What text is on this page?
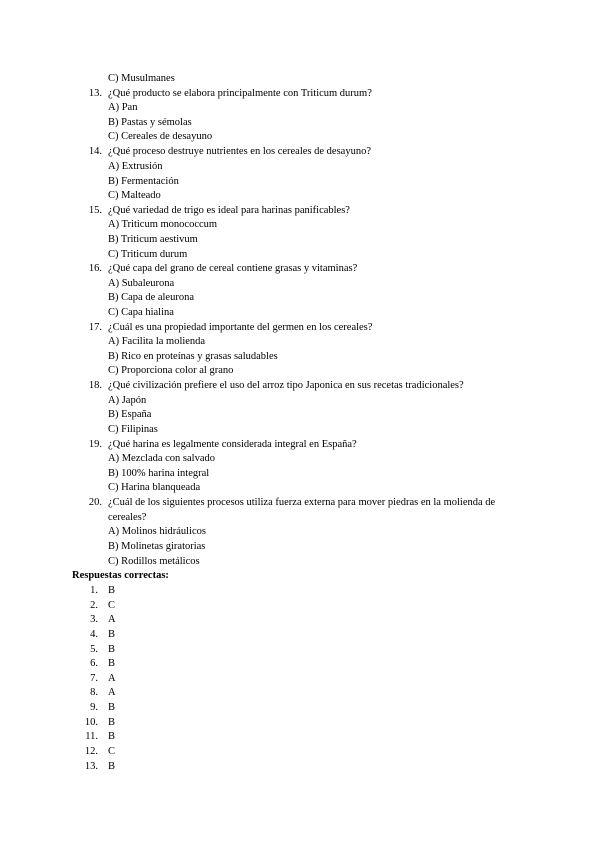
C) Musulmanes
13. ¿Qué producto se elabora principalmente con Triticum durum?
A) Pan
B) Pastas y sémolas
C) Cereales de desayuno
14. ¿Qué proceso destruye nutrientes en los cereales de desayuno?
A) Extrusión
B) Fermentación
C) Malteado
15. ¿Qué variedad de trigo es ideal para harinas panificables?
A) Triticum monococcum
B) Triticum aestivum
C) Triticum durum
16. ¿Qué capa del grano de cereal contiene grasas y vitaminas?
A) Subaleurona
B) Capa de aleurona
C) Capa hialina
17. ¿Cuál es una propiedad importante del germen en los cereales?
A) Facilita la molienda
B) Rico en proteínas y grasas saludables
C) Proporciona color al grano
18. ¿Qué civilización prefiere el uso del arroz tipo Japonica en sus recetas tradicionales?
A) Japón
B) España
C) Filipinas
19. ¿Qué harina es legalmente considerada integral en España?
A) Mezclada con salvado
B) 100% harina integral
C) Harina blanqueada
20. ¿Cuál de los siguientes procesos utiliza fuerza externa para mover piedras en la molienda de
cereales?
A) Molinos hidráulicos
B) Molinetas giratorias
C) Rodillos metálicos
Respuestas correctas:
1. B
2. C
3. A
4. B
5. B
6. B
7. A
8. A
9. B
10. B
11. B
12. C
13. B
